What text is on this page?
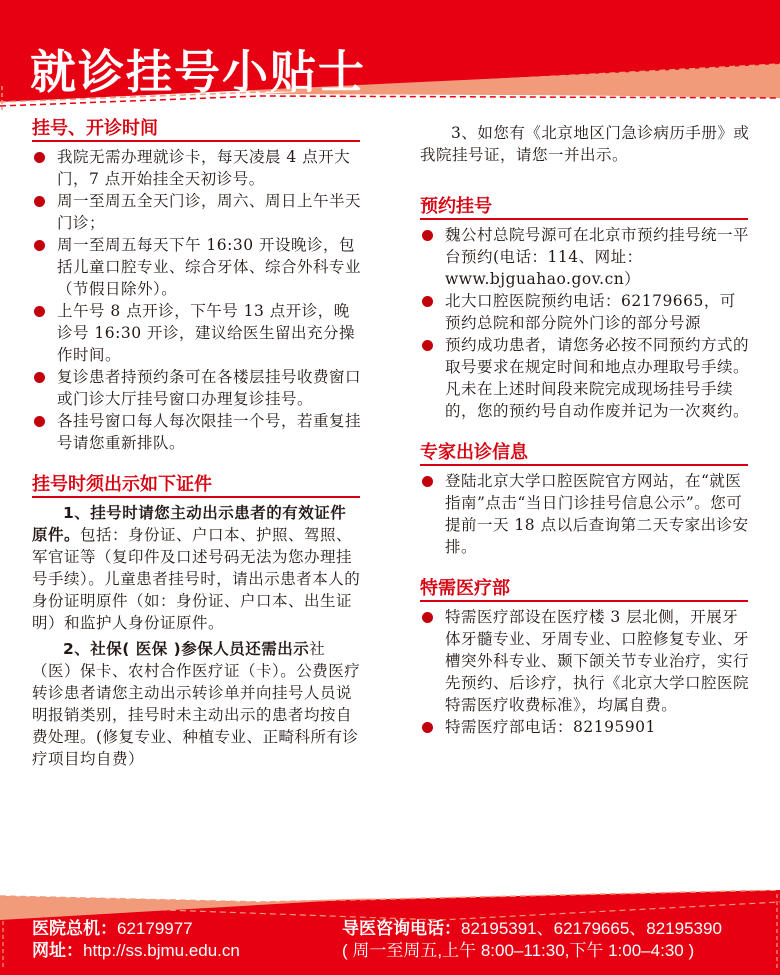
就诊挂号小贴士
挂号、开诊时间
我院无需办理就诊卡，每天凌晨 4 点开大门，7 点开始挂全天初诊号。
周一至周五全天门诊，周六、周日上午半天门诊；
周一至周五每天下午 16:30 开设晚诊，包括儿童口腔专业、综合牙体、综合外科专业（节假日除外）。
上午号 8 点开诊，下午号 13 点开诊，晚诊号 16:30 开诊，建议给医生留出充分操作时间。
复诊患者持预约条可在各楼层挂号收费窗口或门诊大厅挂号窗口办理复诊挂号。
各挂号窗口每人每次限挂一个号，若重复挂号请您重新排队。
挂号时须出示如下证件

1、挂号时请您主动出示患者的有效证件原件。包括：身份证、户口本、护照、驾照、军官证等（复印件及口述号码无法为您办理挂号手续）。儿童患者挂号时，请出示患者本人的身份证明原件（如：身份证、户口本、出生证明）和监护人身份证原件。

2、社保( 医保 )参保人员还需出示社（医）保卡、农村合作医疗证（卡）。公费医疗转诊患者请您主动出示转诊单并向挂号人员说明报销类别，挂号时未主动出示的患者均按自费处理。(修复专业、种植专业、正畸科所有诊疗项目均自费）

3、如您有《北京地区门急诊病历手册》或我院挂号证，请您一并出示。

预约挂号
魏公村总院号源可在北京市预约挂号统一平台预约(电话：114、网址：www.bjguahao.gov.cn）
北大口腔医院预约电话：62179665，可预约总院和部分院外门诊的部分号源
预约成功患者，请您务必按不同预约方式的取号要求在规定时间和地点办理取号手续。凡未在上述时间段来院完成现场挂号手续的，您的预约号自动作废并记为一次爽约。
专家出诊信息
登陆北京大学口腔医院官方网站，在“就医指南”点击“当日门诊挂号信息公示”。您可提前一天 18 点以后查询第二天专家出诊安排。
特需医疗部
特需医疗部设在医疗楼 3 层北侧，开展牙体牙髓专业、牙周专业、口腔修复专业、牙槽突外科专业、颞下颌关节专业治疗，实行先预约、后诊疗，执行《北京大学口腔医院特需医疗收费标准》，均属自费。
特需医疗部电话：82195901
医院总机：62179977
网址：http://ss.bjmu.edu.cn
导医咨询电话：82195391、62179665、82195390
( 周一至周五,上午 8:00–11:30,下午 1:00–4:30 )
